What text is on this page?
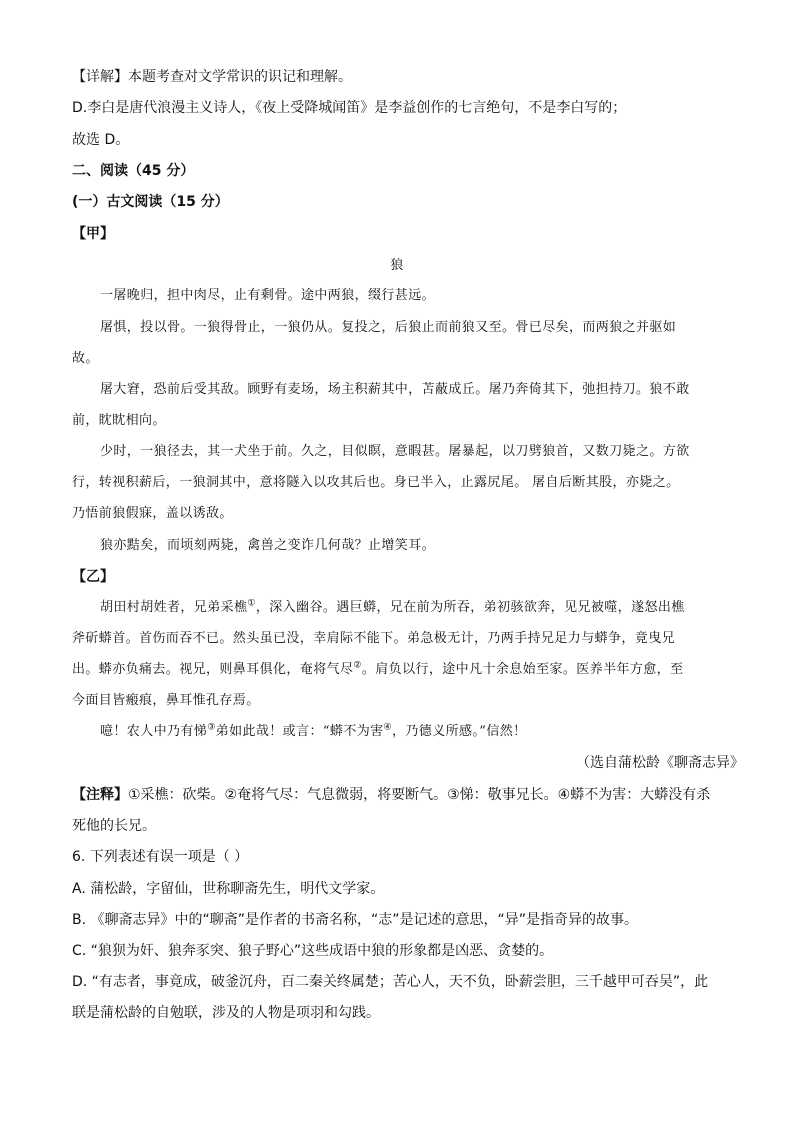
【详解】本题考查对文学常识的识记和理解。
D.李白是唐代浪漫主义诗人，《夜上受降城闻笛》是李益创作的七言绝句，不是李白写的；
故选 D。
二、阅读（45 分）
(一）古文阅读（15 分）
【甲】
狼
一屠晚归，担中肉尽，止有剩骨。途中两狼，缀行甚远。
屠惧，投以骨。一狼得骨止，一狼仍从。复投之，后狼止而前狼又至。骨已尽矣，而两狼之并驱如
故。
屠大窘，恐前后受其敌。顾野有麦场，场主积薪其中，苫蔽成丘。屠乃奔倚其下，弛担持刀。狼不敢
前，眈眈相向。
少时，一狼径去，其一犬坐于前。久之，目似瞑，意暇甚。屠暴起，以刀劈狼首，又数刀毙之。方欲
行，转视积薪后，一狼洞其中，意将隧入以攻其后也。身已半入，止露尻尾。 屠自后断其股，亦毙之。
乃悟前狼假寐，盖以诱敌。
狼亦黠矣，而顷刻两毙，禽兽之变诈几何哉？止增笑耳。
【乙】
胡田村胡姓者，兄弟采樵①，深入幽谷。遇巨蟒，兄在前为所吞，弟初骇欲奔，见兄被噬，遂怒出樵
斧斫蟒首。首伤而吞不已。然头虽已没，幸肩际不能下。弟急极无计，乃两手持兄足力与蟒争，竟曳兄
出。蟒亦负痛去。视兄，则鼻耳俱化，奄将气尽②。肩负以行，途中凡十余息始至家。医养半年方愈，至
今面目皆瘢痕，鼻耳惟孔存焉。
噫！农人中乃有悌③弟如此哉！或言：“蟒不为害④，乃德义所感。”信然！
（选自蒲松龄《聊斋志异》
【注释】①采樵：砍柴。②奄将气尽：气息微弱，将要断气。③悌：敬事兄长。④蟒不为害：大蟒没有杀
死他的长兄。
6. 下列表述有误一项是（ ）
A. 蒲松龄，字留仙，世称聊斋先生，明代文学家。
B. 《聊斋志异》中的“聊斋”是作者的书斋名称，“志”是记述的意思，“异”是指奇异的故事。
C. “狼狈为奸、狼奔豕突、狼子野心”这些成语中狼的形象都是凶恶、贪婪的。
D. “有志者，事竟成，破釜沉舟，百二秦关终属楚；苦心人，天不负，卧薪尝胆，三千越甲可吞吴”，此
联是蒲松龄的自勉联，涉及的人物是项羽和勾践。
